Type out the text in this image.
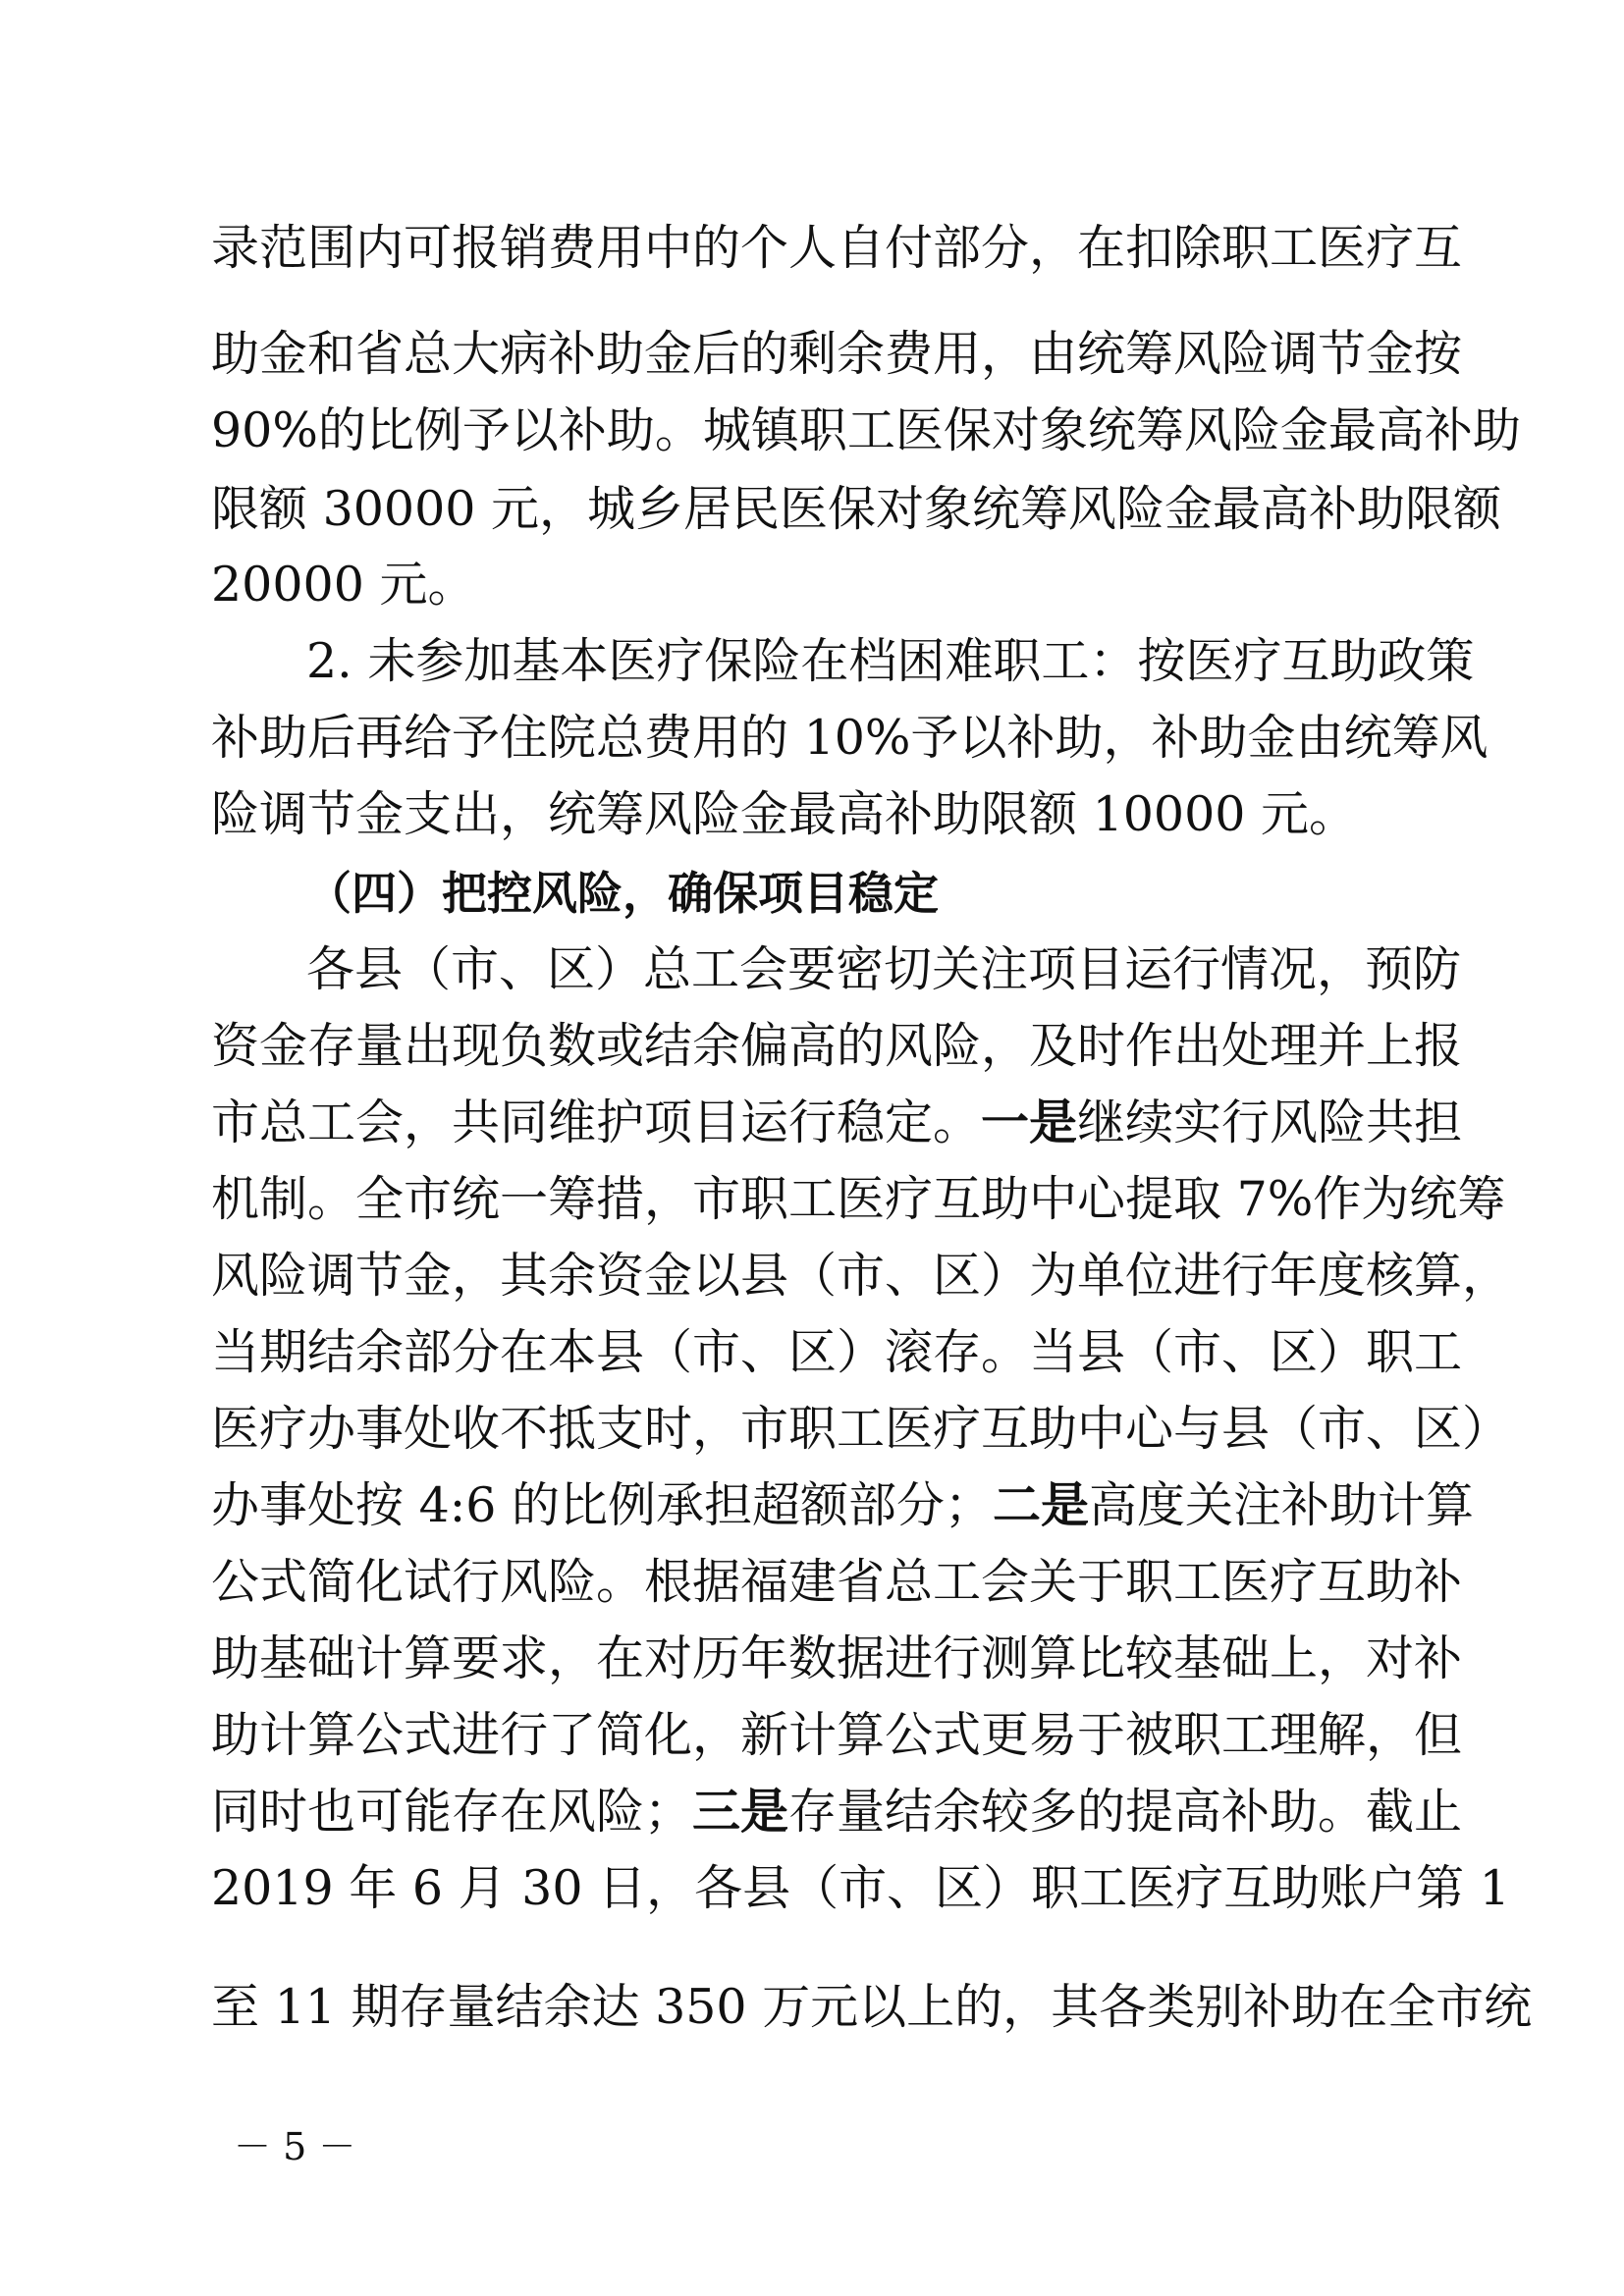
录范围内可报销费用中的个人自付部分，在扣除职工医疗互
助金和省总大病补助金后的剩余费用，由统筹风险调节金按
90%的比例予以补助。城镇职工医保对象统筹风险金最高补助
限额 30000 元，城乡居民医保对象统筹风险金最高补助限额
20000 元。
2. 未参加基本医疗保险在档困难职工：按医疗互助政策
补助后再给予住院总费用的 10%予以补助，补助金由统筹风
险调节金支出，统筹风险金最高补助限额 10000 元。
（四）把控风险，确保项目稳定
各县（市、区）总工会要密切关注项目运行情况，预防
资金存量出现负数或结余偏高的风险，及时作出处理并上报
市总工会，共同维护项目运行稳定。一是继续实行风险共担
机制。全市统一筹措，市职工医疗互助中心提取 7%作为统筹
风险调节金，其余资金以县（市、区）为单位进行年度核算，
当期结余部分在本县（市、区）滚存。当县（市、区）职工
医疗办事处收不抵支时，市职工医疗互助中心与县（市、区）
办事处按 4:6 的比例承担超额部分；二是高度关注补助计算
公式简化试行风险。根据福建省总工会关于职工医疗互助补
助基础计算要求，在对历年数据进行测算比较基础上，对补
助计算公式进行了简化，新计算公式更易于被职工理解，但
同时也可能存在风险；三是存量结余较多的提高补助。截止
2019 年 6 月 30 日，各县（市、区）职工医疗互助账户第 1
至 11 期存量结余达 350 万元以上的，其各类别补助在全市统
－ 5 －
